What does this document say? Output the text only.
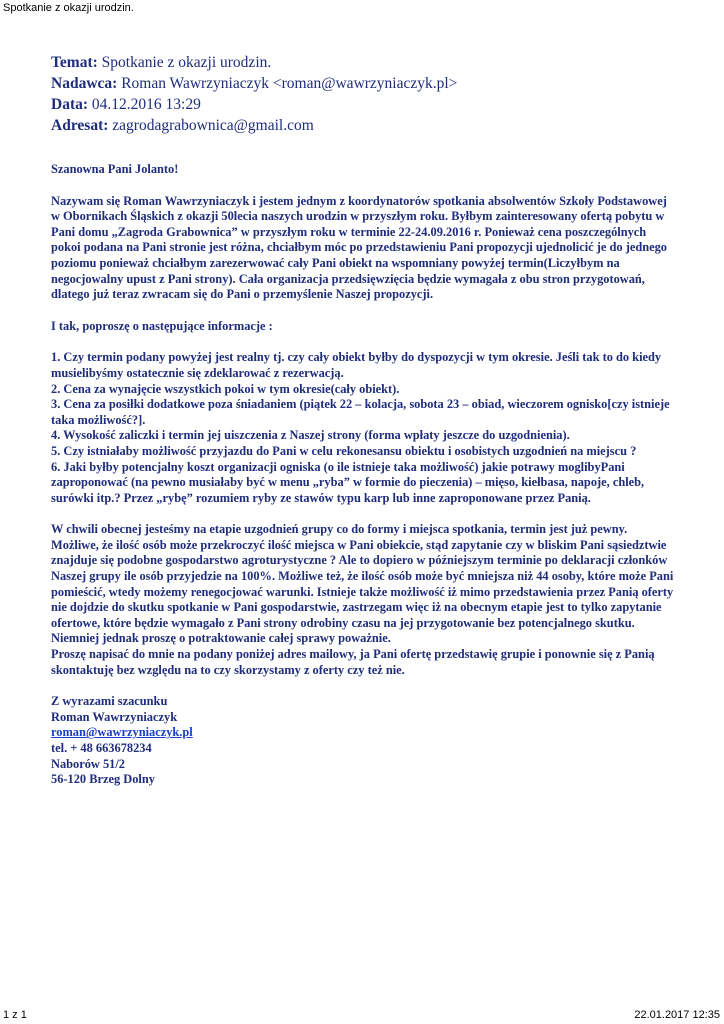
Spotkanie z okazji urodzin.
Temat: Spotkanie z okazji urodzin.
Nadawca: Roman Wawrzyniaczyk <roman@wawrzyniaczyk.pl>
Data: 04.12.2016 13:29
Adresat: zagrodagrabownica@gmail.com

Szanowna Pani Jolanto!

Nazywam się Roman Wawrzyniaczyk i jestem jednym z koordynatorów spotkania absolwentów Szkoły Podstawowej w Obornikach Śląskich z okazji 50lecia naszych urodzin w przyszłym roku. Byłbym zainteresowany ofertą pobytu w Pani domu „Zagroda Grabownica” w przyszłym roku w terminie 22-24.09.2016 r. Ponieważ cena poszczególnych pokoi podana na Pani stronie jest różna, chciałbym móc po przedstawieniu Pani propozycji ujednolicić je do jednego poziomu ponieważ chciałbym zarezerwować cały Pani obiekt na wspomniany powyżej termin(Liczyłbym na negocjowalny upust z Pani strony). Cała organizacja przedsięwzięcia będzie wymagała z obu stron przygotowań, dlatego już teraz zwracam się do Pani o przemyślenie Naszej propozycji.

I tak, poproszę o następujące informacje :

1. Czy termin podany powyżej jest realny tj. czy cały obiekt byłby do dyspozycji w tym okresie. Jeśli tak to do kiedy musielibyśmy ostatecznie się zdeklarować z rezerwacją.

2. Cena za wynajęcie wszystkich pokoi w tym okresie(cały obiekt).

3. Cena za posiłki dodatkowe poza śniadaniem (piątek 22 – kolacja, sobota 23 – obiad, wieczorem ognisko[czy istnieje taka możliwość?].

4. Wysokość zaliczki i termin jej uiszczenia z Naszej strony (forma wpłaty jeszcze do uzgodnienia).

5. Czy istniałaby możliwość przyjazdu do Pani w celu rekonesansu obiektu i osobistych uzgodnień na miejscu ?

6. Jaki byłby potencjalny koszt organizacji ogniska (o ile istnieje taka możliwość) jakie potrawy moglibyPani zaproponować (na pewno musiałaby być w menu „ryba” w formie do pieczenia) – mięso, kiełbasa, napoje, chleb, surówki itp.? Przez „rybę” rozumiem ryby ze stawów typu karp lub inne zaproponowane przez Panią.

W chwili obecnej jesteśmy na etapie uzgodnień grupy co do formy i miejsca spotkania, termin jest już pewny. Możliwe, że ilość osób może przekroczyć ilość miejsca w Pani obiekcie, stąd zapytanie czy w bliskim Pani sąsiedztwie znajduje się podobne gospodarstwo agroturystyczne ? Ale to dopiero w późniejszym terminie po deklaracji członków Naszej grupy ile osób przyjedzie na 100%. Możliwe też, że ilość osób może być mniejsza niż 44 osoby, które może Pani pomieścić, wtedy możemy renegocjować warunki. Istnieje także możliwość iż mimo przedstawienia przez Panią oferty nie dojdzie do skutku spotkanie w Pani gospodarstwie, zastrzegam więc iż na obecnym etapie jest to tylko zapytanie ofertowe, które będzie wymagało z Pani strony odrobiny czasu na jej przygotowanie bez potencjalnego skutku. Niemniej jednak proszę o potraktowanie całej sprawy poważnie.

Proszę napisać do mnie na podany poniżej adres mailowy, ja Pani ofertę przedstawię grupie i ponownie się z Panią skontaktuję bez względu na to czy skorzystamy z oferty czy też nie.

Z wyrazami szacunku

Roman Wawrzyniaczyk

roman@wawrzyniaczyk.pl

tel. + 48 663678234

Naborów 51/2

56-120 Brzeg Dolny

1 z 1	22.01.2017 12:35
